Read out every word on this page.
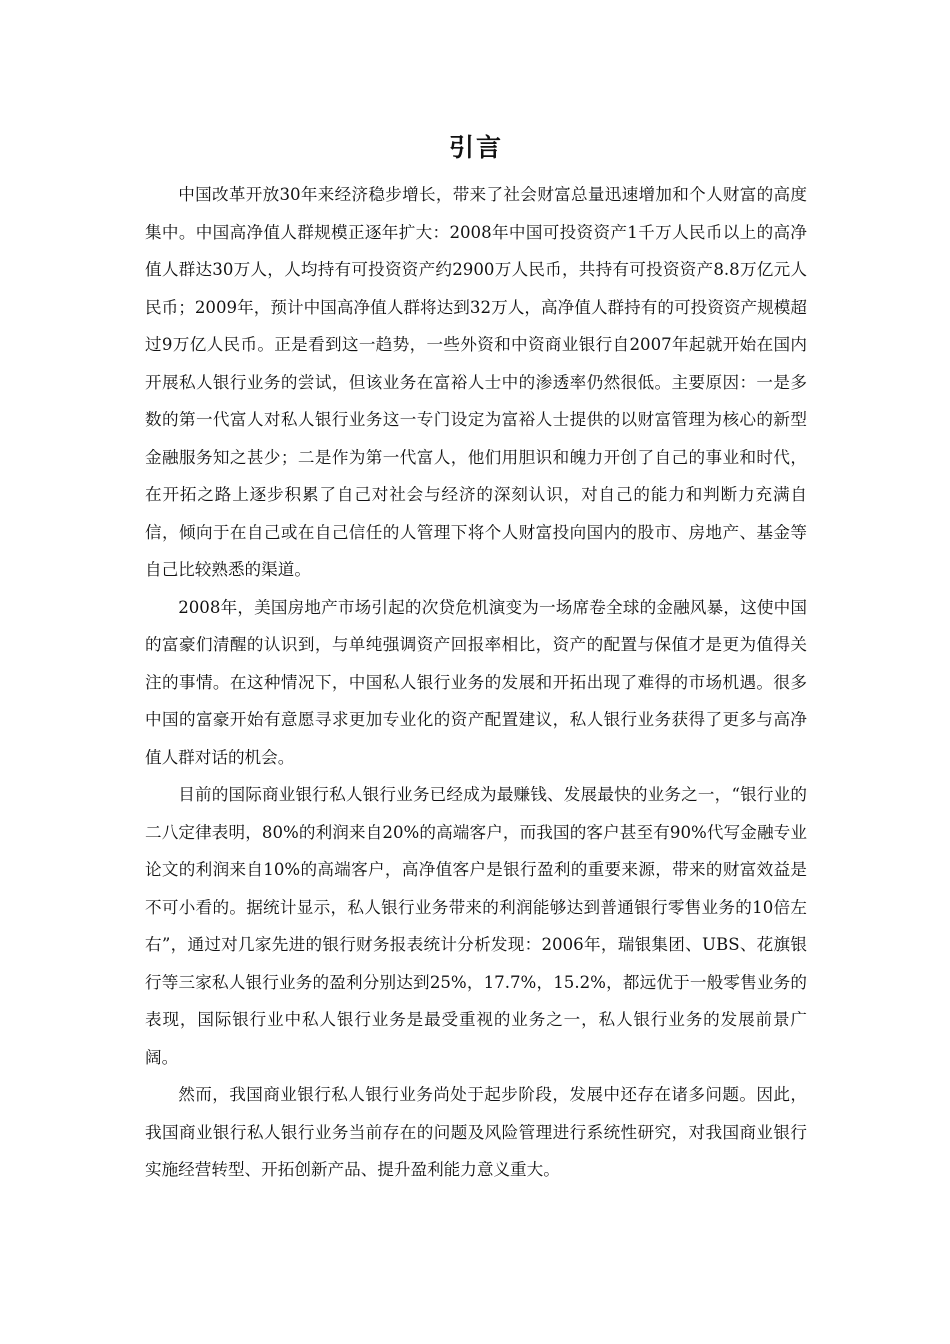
引言

中国改革开放30年来经济稳步增长，带来了社会财富总量迅速增加和个人财富的高度集中。中国高净值人群规模正逐年扩大：2008年中国可投资资产1千万人民币以上的高净值人群达30万人，人均持有可投资资产约2900万人民币，共持有可投资资产8.8万亿元人民币；2009年，预计中国高净值人群将达到32万人，高净值人群持有的可投资资产规模超过9万亿人民币。正是看到这一趋势，一些外资和中资商业银行自2007年起就开始在国内开展私人银行业务的尝试，但该业务在富裕人士中的渗透率仍然很低。主要原因：一是多数的第一代富人对私人银行业务这一专门设定为富裕人士提供的以财富管理为核心的新型金融服务知之甚少；二是作为第一代富人，他们用胆识和魄力开创了自己的事业和时代，在开拓之路上逐步积累了自己对社会与经济的深刻认识，对自己的能力和判断力充满自信，倾向于在自己或在自己信任的人管理下将个人财富投向国内的股市、房地产、基金等自己比较熟悉的渠道。

2008年，美国房地产市场引起的次贷危机演变为一场席卷全球的金融风暴，这使中国的富豪们清醒的认识到，与单纯强调资产回报率相比，资产的配置与保值才是更为值得关注的事情。在这种情况下，中国私人银行业务的发展和开拓出现了难得的市场机遇。很多中国的富豪开始有意愿寻求更加专业化的资产配置建议，私人银行业务获得了更多与高净值人群对话的机会。

目前的国际商业银行私人银行业务已经成为最赚钱、发展最快的业务之一，“银行业的二八定律表明，80%的利润来自20%的高端客户，而我国的客户甚至有90%代写金融专业论文的利润来自10%的高端客户，高净值客户是银行盈利的重要来源，带来的财富效益是不可小看的。据统计显示，私人银行业务带来的利润能够达到普通银行零售业务的10倍左右”，通过对几家先进的银行财务报表统计分析发现：2006年，瑞银集团、UBS、花旗银行等三家私人银行业务的盈利分别达到25%，17.7%，15.2%，都远优于一般零售业务的表现，国际银行业中私人银行业务是最受重视的业务之一，私人银行业务的发展前景广阔。

然而，我国商业银行私人银行业务尚处于起步阶段，发展中还存在诸多问题。因此，我国商业银行私人银行业务当前存在的问题及风险管理进行系统性研究，对我国商业银行实施经营转型、开拓创新产品、提升盈利能力意义重大。
